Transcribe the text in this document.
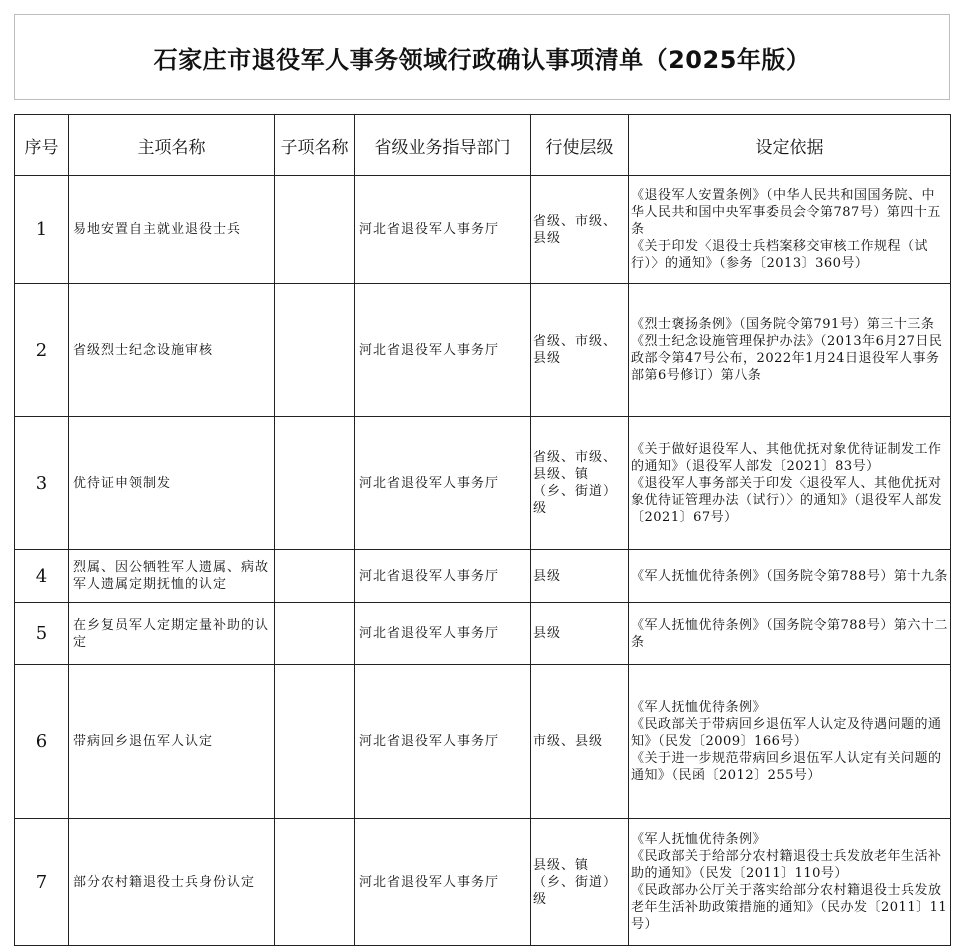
石家庄市退役军人事务领域行政确认事项清单（2025年版）
序号	主项名称	子项名称	省级业务指导部门	行使层级	设定依据
1	易地安置自主就业退役士兵		河北省退役军人事务厅	省级、市级、县级	《退役军人安置条例》（中华人民共和国国务院、中华人民共和国中央军事委员会令第787号）第四十五条
《关于印发〈退役士兵档案移交审核工作规程（试行）〉的通知》（参务〔2013〕360号）

2	省级烈士纪念设施审核		河北省退役军人事务厅	省级、市级、县级	《烈士褒扬条例》（国务院令第791号）第三十三条
《烈士纪念设施管理保护办法》（2013年6月27日民政部令第47号公布，2022年1月24日退役军人事务部第6号修订）第八条

3	优待证申领制发		河北省退役军人事务厅	省级、市级、县级、镇（乡、街道）级	《关于做好退役军人、其他优抚对象优待证制发工作的通知》（退役军人部发〔2021〕83号）
《退役军人事务部关于印发〈退役军人、其他优抚对象优待证管理办法（试行）〉的通知》（退役军人部发〔2021〕67号）

4	烈属、因公牺牲军人遗属、病故军人遗属定期抚恤的认定		河北省退役军人事务厅	县级	《军人抚恤优待条例》（国务院令第788号）第十九条

5	在乡复员军人定期定量补助的认定		河北省退役军人事务厅	县级	《军人抚恤优待条例》（国务院令第788号）第六十二条

6	带病回乡退伍军人认定		河北省退役军人事务厅	市级、县级	《军人抚恤优待条例》
《民政部关于带病回乡退伍军人认定及待遇问题的通知》（民发〔2009〕166号）
《关于进一步规范带病回乡退伍军人认定有关问题的通知》（民函〔2012〕255号）

7	部分农村籍退役士兵身份认定		河北省退役军人事务厅	县级、镇（乡、街道）级	《军人抚恤优待条例》
《民政部关于给部分农村籍退役士兵发放老年生活补助的通知》（民发〔2011〕110号）
《民政部办公厅关于落实给部分农村籍退役士兵发放老年生活补助政策措施的通知》（民办发〔2011〕11号）
